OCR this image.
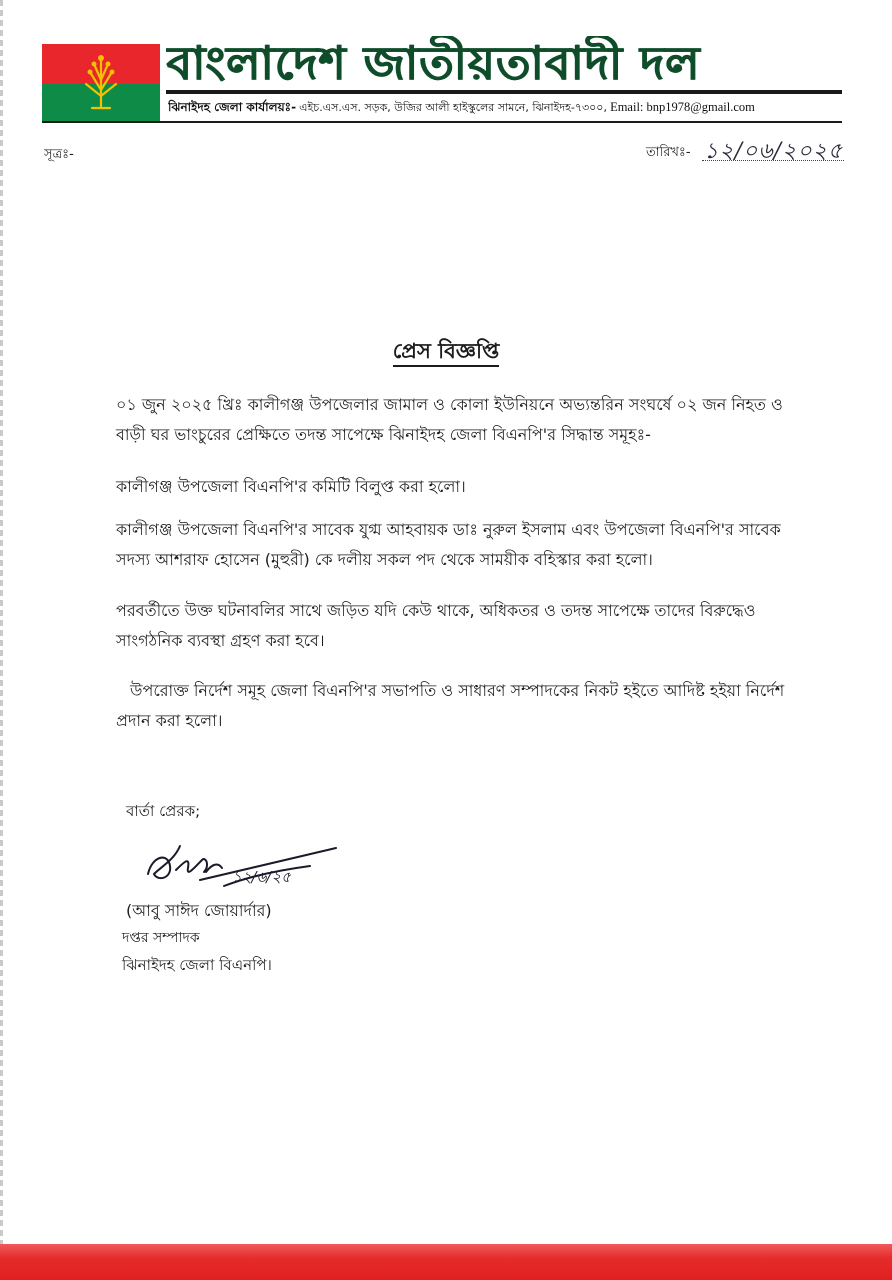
বাংলাদেশ জাতীয়তাবাদী দল
ঝিনাইদহ জেলা কার্যালয়ঃ- এইচ.এস.এস. সড়ক, উজির আলী হাইস্কুলের সামনে, ঝিনাইদহ-৭৩০০, Email: bnp1978@gmail.com
সূত্রঃ-	তারিখঃ- ১২/০৬/২০২৫
প্রেস বিজ্ঞপ্তি
০১ জুন ২০২৫ খ্রিঃ কালীগঞ্জ উপজেলার জামাল ও কোলা ইউনিয়নে অভ্যন্তরিন সংঘর্ষে ০২ জন নিহত ও বাড়ী ঘর ভাংচুরের প্রেক্ষিতে তদন্ত সাপেক্ষে ঝিনাইদহ জেলা বিএনপি'র সিদ্ধান্ত সমূহঃ-
কালীগঞ্জ উপজেলা বিএনপি'র কমিটি বিলুপ্ত করা হলো।
কালীগঞ্জ উপজেলা বিএনপি'র সাবেক যুগ্ম আহবায়ক ডাঃ নুরুল ইসলাম এবং উপজেলা বিএনপি'র সাবেক সদস্য আশরাফ হোসেন (মুহুরী) কে দলীয় সকল পদ থেকে সাময়ীক বহিস্কার করা হলো।
পরবর্তীতে উক্ত ঘটনাবলির সাথে জড়িত যদি কেউ থাকে, অধিকতর ও তদন্ত সাপেক্ষে তাদের বিরুদ্ধেও সাংগঠনিক ব্যবস্থা গ্রহণ করা হবে।
উপরোক্ত নির্দেশ সমূহ জেলা বিএনপি'র সভাপতি ও সাধারণ সম্পাদকের নিকট হইতে আদিষ্ট হইয়া নির্দেশ প্রদান করা হলো।
বার্তা প্রেরক;
১২/৬/২৫
(আবু সাঈদ জোয়ার্দার)
দপ্তর সম্পাদক
ঝিনাইদহ জেলা বিএনপি।
